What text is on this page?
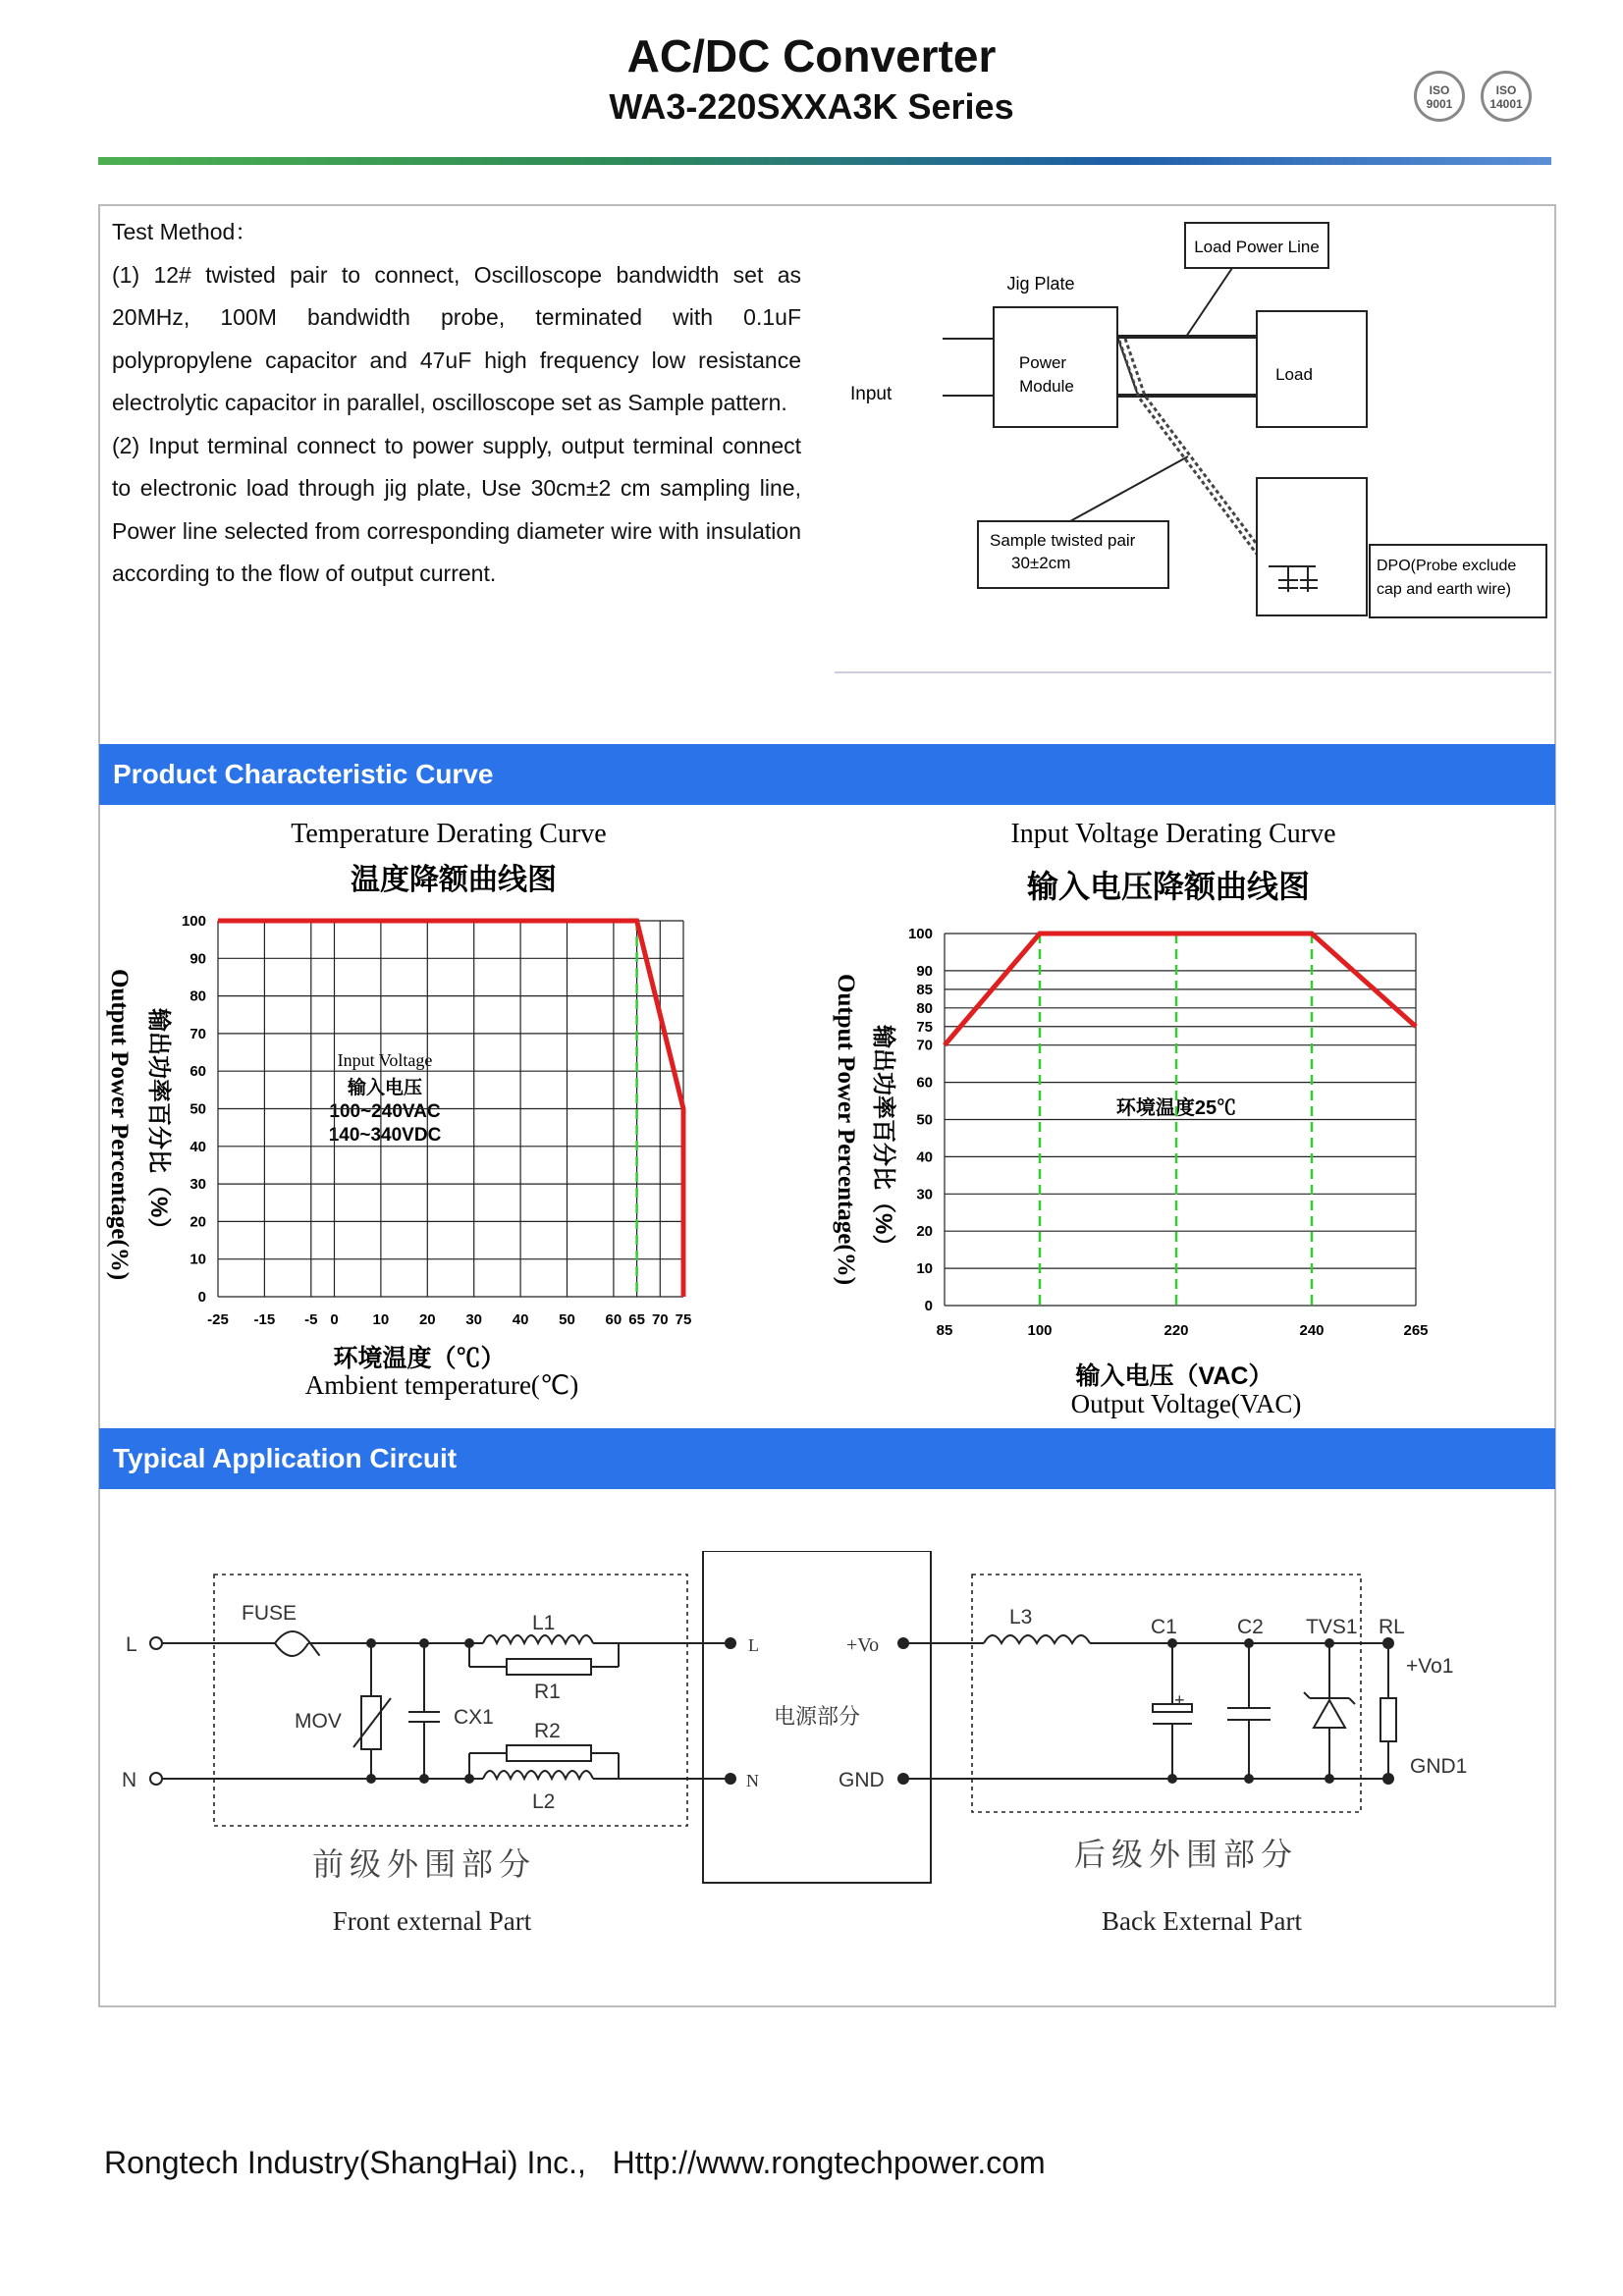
AC/DC Converter
WA3-220SXXA3K Series	ISO 9001
ISO 14001
Test Method：
(1) 12# twisted pair to connect, Oscilloscope bandwidth set as 20MHz, 100M bandwidth probe, terminated with 0.1uF polypropylene capacitor and 47uF high frequency low resistance electrolytic capacitor in parallel, oscilloscope set as Sample pattern.
(2) Input terminal connect to power supply, output terminal connect to electronic load through jig plate, Use 30cm±2 cm sampling line, Power line selected from corresponding diameter wire with insulation according to the flow of output current.
Load Power Line
Jig Plate
Input
Power
Module
Load
DPO(Probe exclude
cap and earth wire)
Sample twisted pair
30±2cm
Product Characteristic Curve
Temperature Derating Curve
温度降额曲线图
Output Power Percentage(%) 输出功率百分比（%）
环境温度（℃）
Ambient temperature(℃)
Input Voltage
输入电压
100~240VAC
140~340VDC
-25 -15 -5 0 10 20 30 40 50 60 65 70 75
0
10
20
30
40
50
60
70
80
90
100
Input Voltage Derating Curve
输入电压降额曲线图
Output Power Percentage(%) 输出功率百分比（%）
输入电压（VAC）
Output Voltage(VAC)
环境温度25℃
85	100	220	240	265
0
10
20
30
40
50
60
70
75
80
85
90
100
Typical Application Circuit
L
N
FUSE
MOV	CX1
L1
R1
R2
L2
L
N
+Vo
GND
电源部分
L3	C1	C2 TVS1 RL
+Vo1
GND1
+
前级外围部分
Front external Part
后级外围部分
Back External Part
Rongtech Industry(ShangHai) Inc., Http://www.rongtechpower.com
